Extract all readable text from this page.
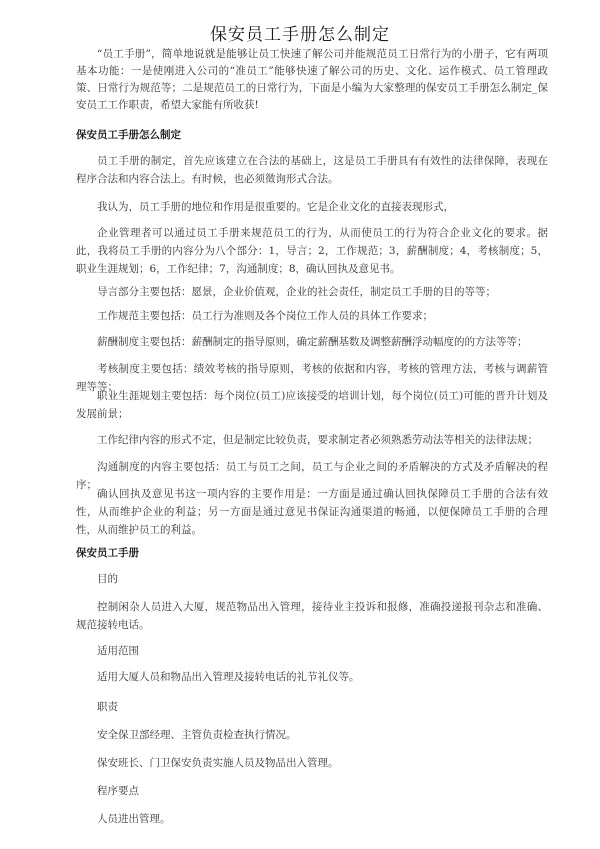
保安员工手册怎么制定

“员工手册”，简单地说就是能够让员工快速了解公司并能规范员工日常行为的小册子，它有两项基本功能：一是使刚进入公司的“准员工”能够快速了解公司的历史、文化、运作模式、员工管理政策、日常行为规范等；二是规范员工的日常行为，下面是小编为大家整理的保安员工手册怎么制定_保安员工工作职责，希望大家能有所收获!

保安员工手册怎么制定

员工手册的制定，首先应该建立在合法的基础上，这是员工手册具有有效性的法律保障，表现在程序合法和内容合法上。有时候，也必须徵询形式合法。

我认为，员工手册的地位和作用是很重要的。它是企业文化的直接表现形式，

企业管理者可以通过员工手册来规范员工的行为，从而使员工的行为符合企业文化的要求。据此，我将员工手册的内容分为八个部分：1，导言；2，工作规范；3，薪酬制度；4，考核制度；5，职业生涯规划；6，工作纪律；7，沟通制度；8，确认回执及意见书。

导言部分主要包括：愿景，企业价值观，企业的社会责任，制定员工手册的目的等等；

工作规范主要包括：员工行为准则及各个岗位工作人员的具体工作要求；

薪酬制度主要包括：薪酬制定的指导原则，确定薪酬基数及调整薪酬浮动幅度的的方法等等；

考核制度主要包括：绩效考核的指导原则，考核的依据和内容，考核的管理方法，考核与调薪管理等等；

职业生涯规划主要包括：每个岗位(员工)应该接受的培训计划，每个岗位(员工)可能的晋升计划及发展前景；

工作纪律内容的形式不定，但是制定比较负责，要求制定者必须熟悉劳动法等相关的法律法规；

沟通制度的内容主要包括：员工与员工之间，员工与企业之间的矛盾解决的方式及矛盾解决的程序；

确认回执及意见书这一项内容的主要作用是：一方面是通过确认回执保障员工手册的合法有效性，从而维护企业的利益；另一方面是通过意见书保证沟通渠道的畅通，以便保障员工手册的合理性，从而维护员工的利益。

保安员工手册

目的

控制闲杂人员进入大厦，规范物品出入管理，接待业主投诉和报修，准确投递报刊杂志和准确、规范接转电话。

适用范围

适用大厦人员和物品出入管理及接转电话的礼节礼仪等。

职责

安全保卫部经理、主管负责检查执行情况。

保安班长、门卫保安负责实施人员及物品出入管理。

程序要点

人员进出管理。
